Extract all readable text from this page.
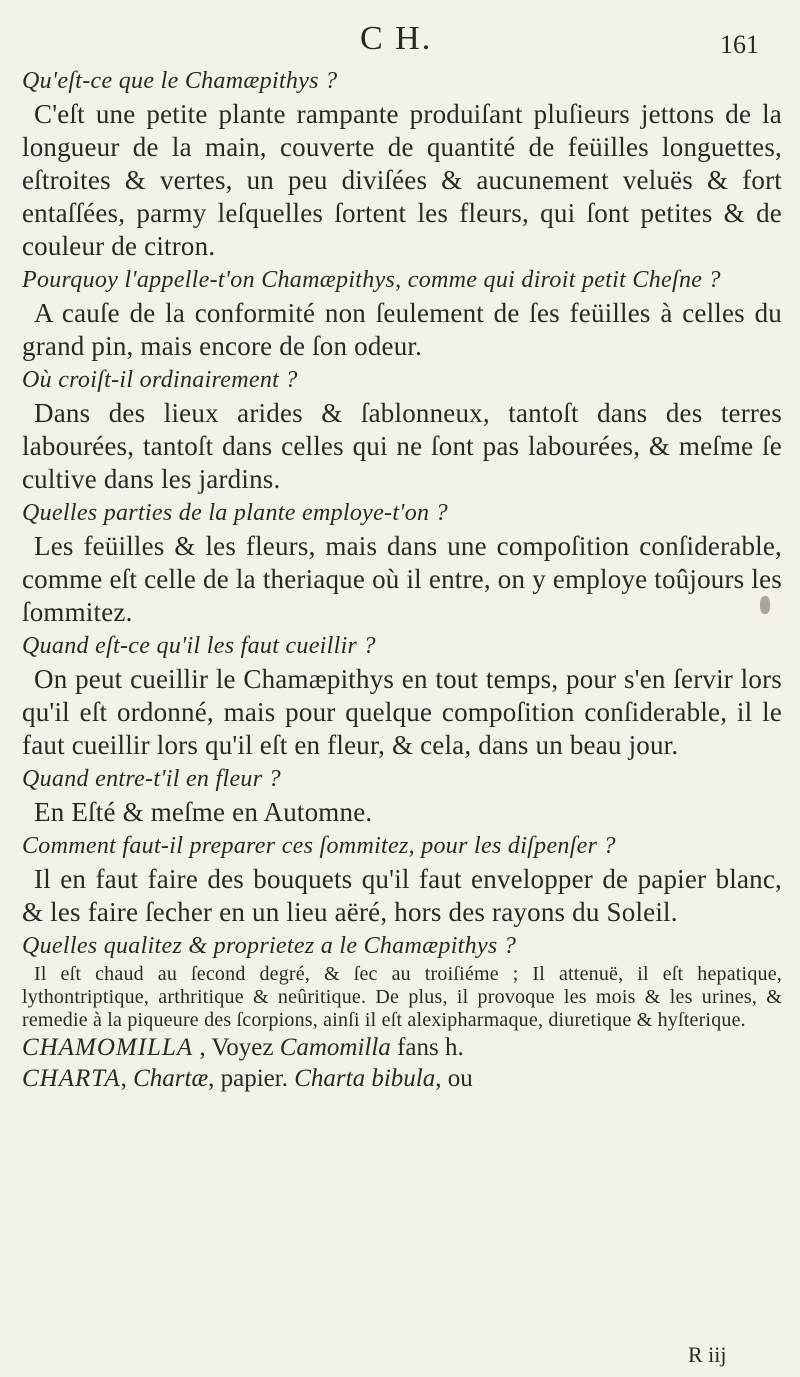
C H.	161

Qu'eſt-ce que le Chamæpithys ?

C'eſt une petite plante rampante produiſant pluſieurs jettons de la longueur de la main, couverte de quantité de feüilles longuettes, eſtroites & vertes, un peu diviſées & aucunement veluës & fort entaſſées, parmy leſquelles ſortent les fleurs, qui ſont petites & de couleur de citron.

Pourquoy l'appelle-t'on Chamæpithys, comme qui diroit petit Cheſne ?

A cauſe de la conformité non ſeulement de ſes feüilles à celles du grand pin, mais encore de ſon odeur.

Où croiſt-il ordinairement ?

Dans des lieux arides & ſablonneux, tantoſt dans des terres labourées, tantoſt dans celles qui ne ſont pas labourées, & meſme ſe cultive dans les jardins.

Quelles parties de la plante employe-t'on ?

Les feüilles & les fleurs, mais dans une compoſition conſiderable, comme eſt celle de la theriaque où il entre, on y employe toûjours les ſommitez.

Quand eſt-ce qu'il les faut cueillir ?

On peut cueillir le Chamæpithys en tout temps, pour s'en ſervir lors qu'il eſt ordonné, mais pour quelque compoſition conſiderable, il le faut cueillir lors qu'il eſt en fleur, & cela, dans un beau jour.

Quand entre-t'il en fleur ?

En Eſté & meſme en Automne.

Comment faut-il preparer ces ſommitez, pour les diſpenſer ?

Il en faut faire des bouquets qu'il faut envelopper de papier blanc, & les faire ſecher en un lieu aëré, hors des rayons du Soleil.

Quelles qualitez & proprietez a le Chamæpithys ?

Il eſt chaud au ſecond degré, & ſec au troiſiéme ; Il attenuë, il eſt hepatique, lythontriptique, arthritique & neûritique. De plus, il provoque les mois & les urines, & remedie à la piqueure des ſcorpions, ainſi il eſt alexipharmaque, diuretique & hyſterique.

CHAMOMILLA , Voyez Camomilla fans h.

CHARTA, Chartæ, papier. Charta bibula, ou

R iij
